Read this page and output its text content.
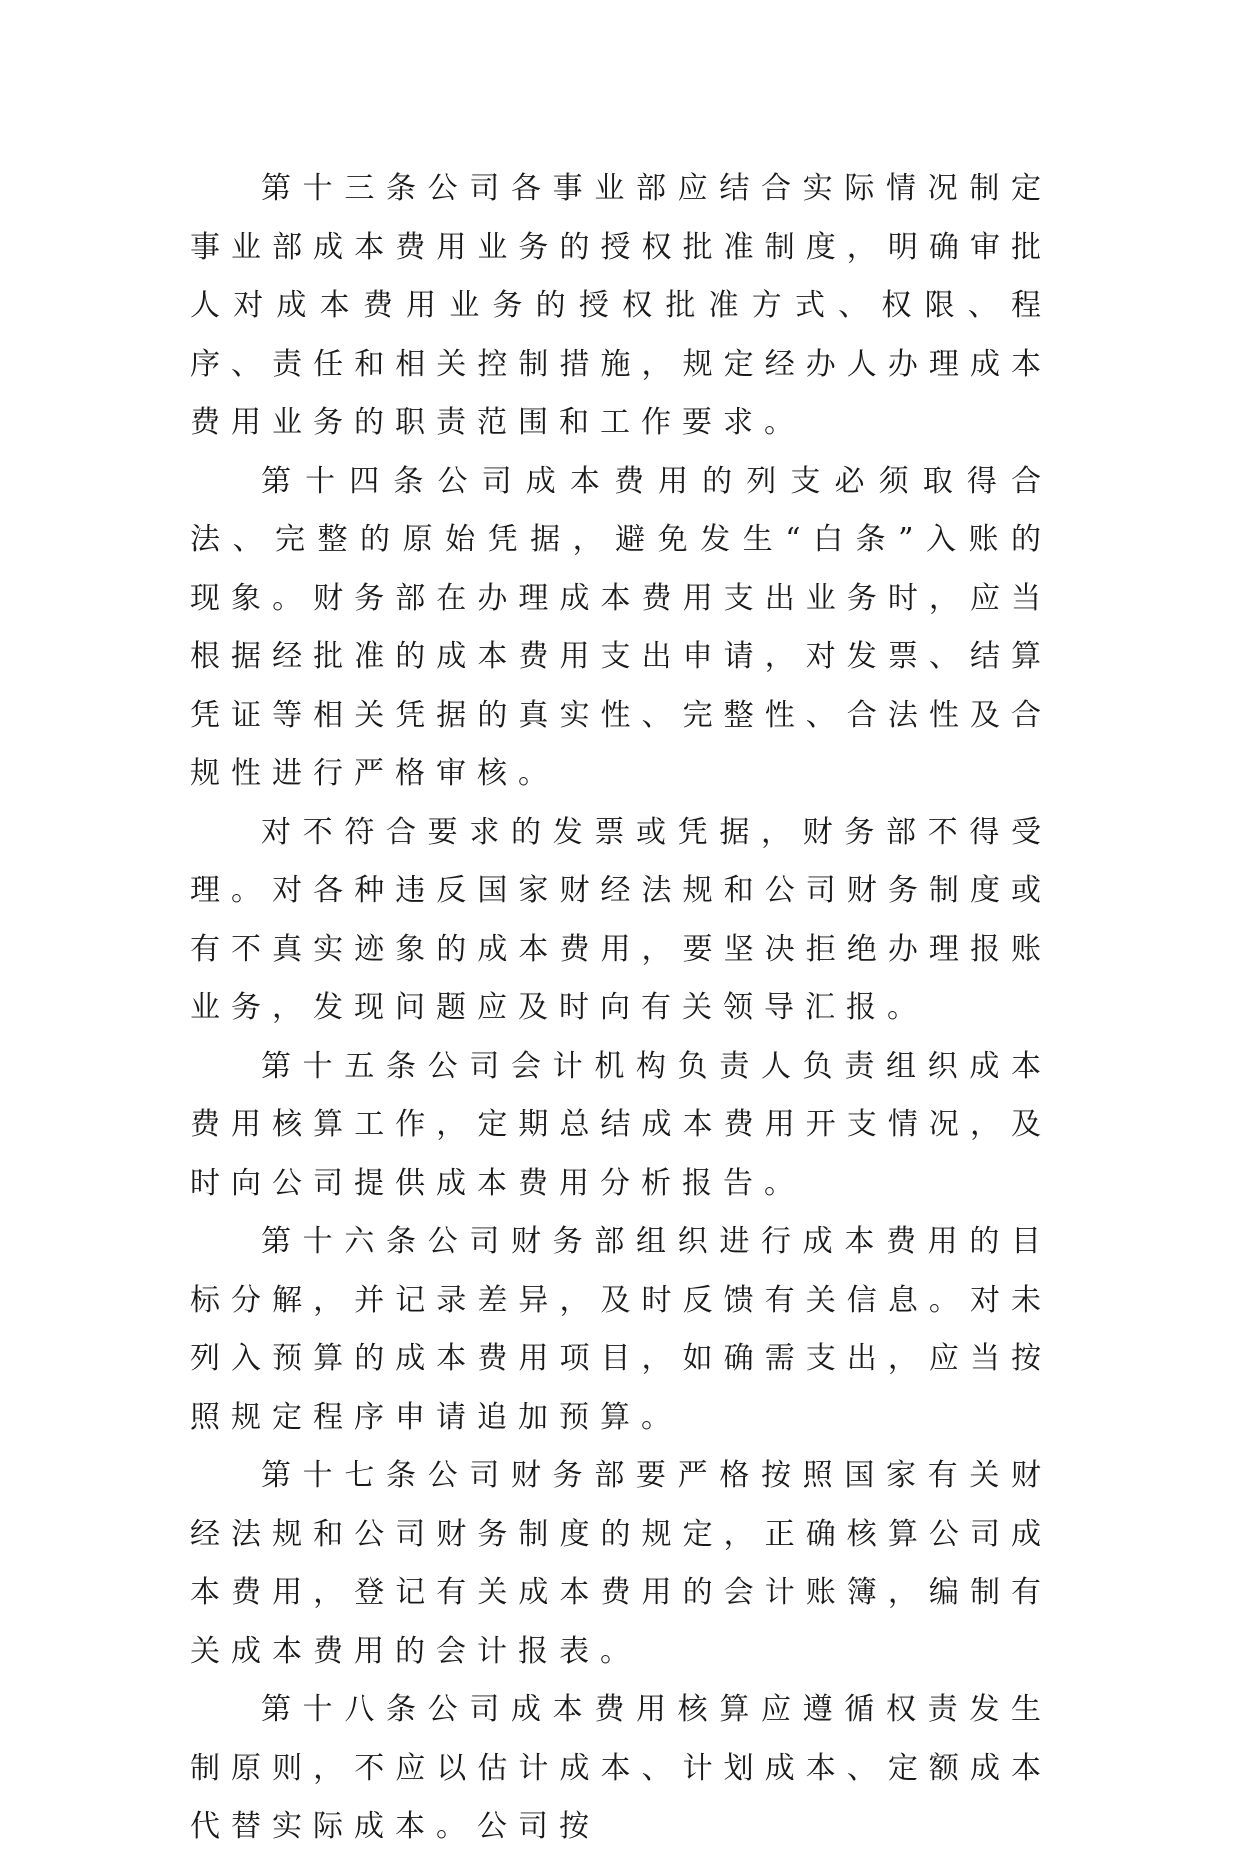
第十三条公司各事业部应结合实际情况制定事业部成本费用业务的授权批准制度，明确审批人对成本费用业务的授权批准方式、权限、程序、责任和相关控制措施，规定经办人办理成本费用业务的职责范围和工作要求。

第十四条公司成本费用的列支必须取得合法、完整的原始凭据，避免发生“白条”入账的现象。财务部在办理成本费用支出业务时，应当根据经批准的成本费用支出申请，对发票、结算凭证等相关凭据的真实性、完整性、合法性及合规性进行严格审核。

对不符合要求的发票或凭据，财务部不得受理。对各种违反国家财经法规和公司财务制度或有不真实迹象的成本费用，要坚决拒绝办理报账业务，发现问题应及时向有关领导汇报。

第十五条公司会计机构负责人负责组织成本费用核算工作，定期总结成本费用开支情况，及时向公司提供成本费用分析报告。

第十六条公司财务部组织进行成本费用的目标分解，并记录差异，及时反馈有关信息。对未列入预算的成本费用项目，如确需支出，应当按照规定程序申请追加预算。

第十七条公司财务部要严格按照国家有关财经法规和公司财务制度的规定，正确核算公司成本费用，登记有关成本费用的会计账簿，编制有关成本费用的会计报表。

第十八条公司成本费用核算应遵循权责发生制原则，不应以估计成本、计划成本、定额成本代替实际成本。公司按
